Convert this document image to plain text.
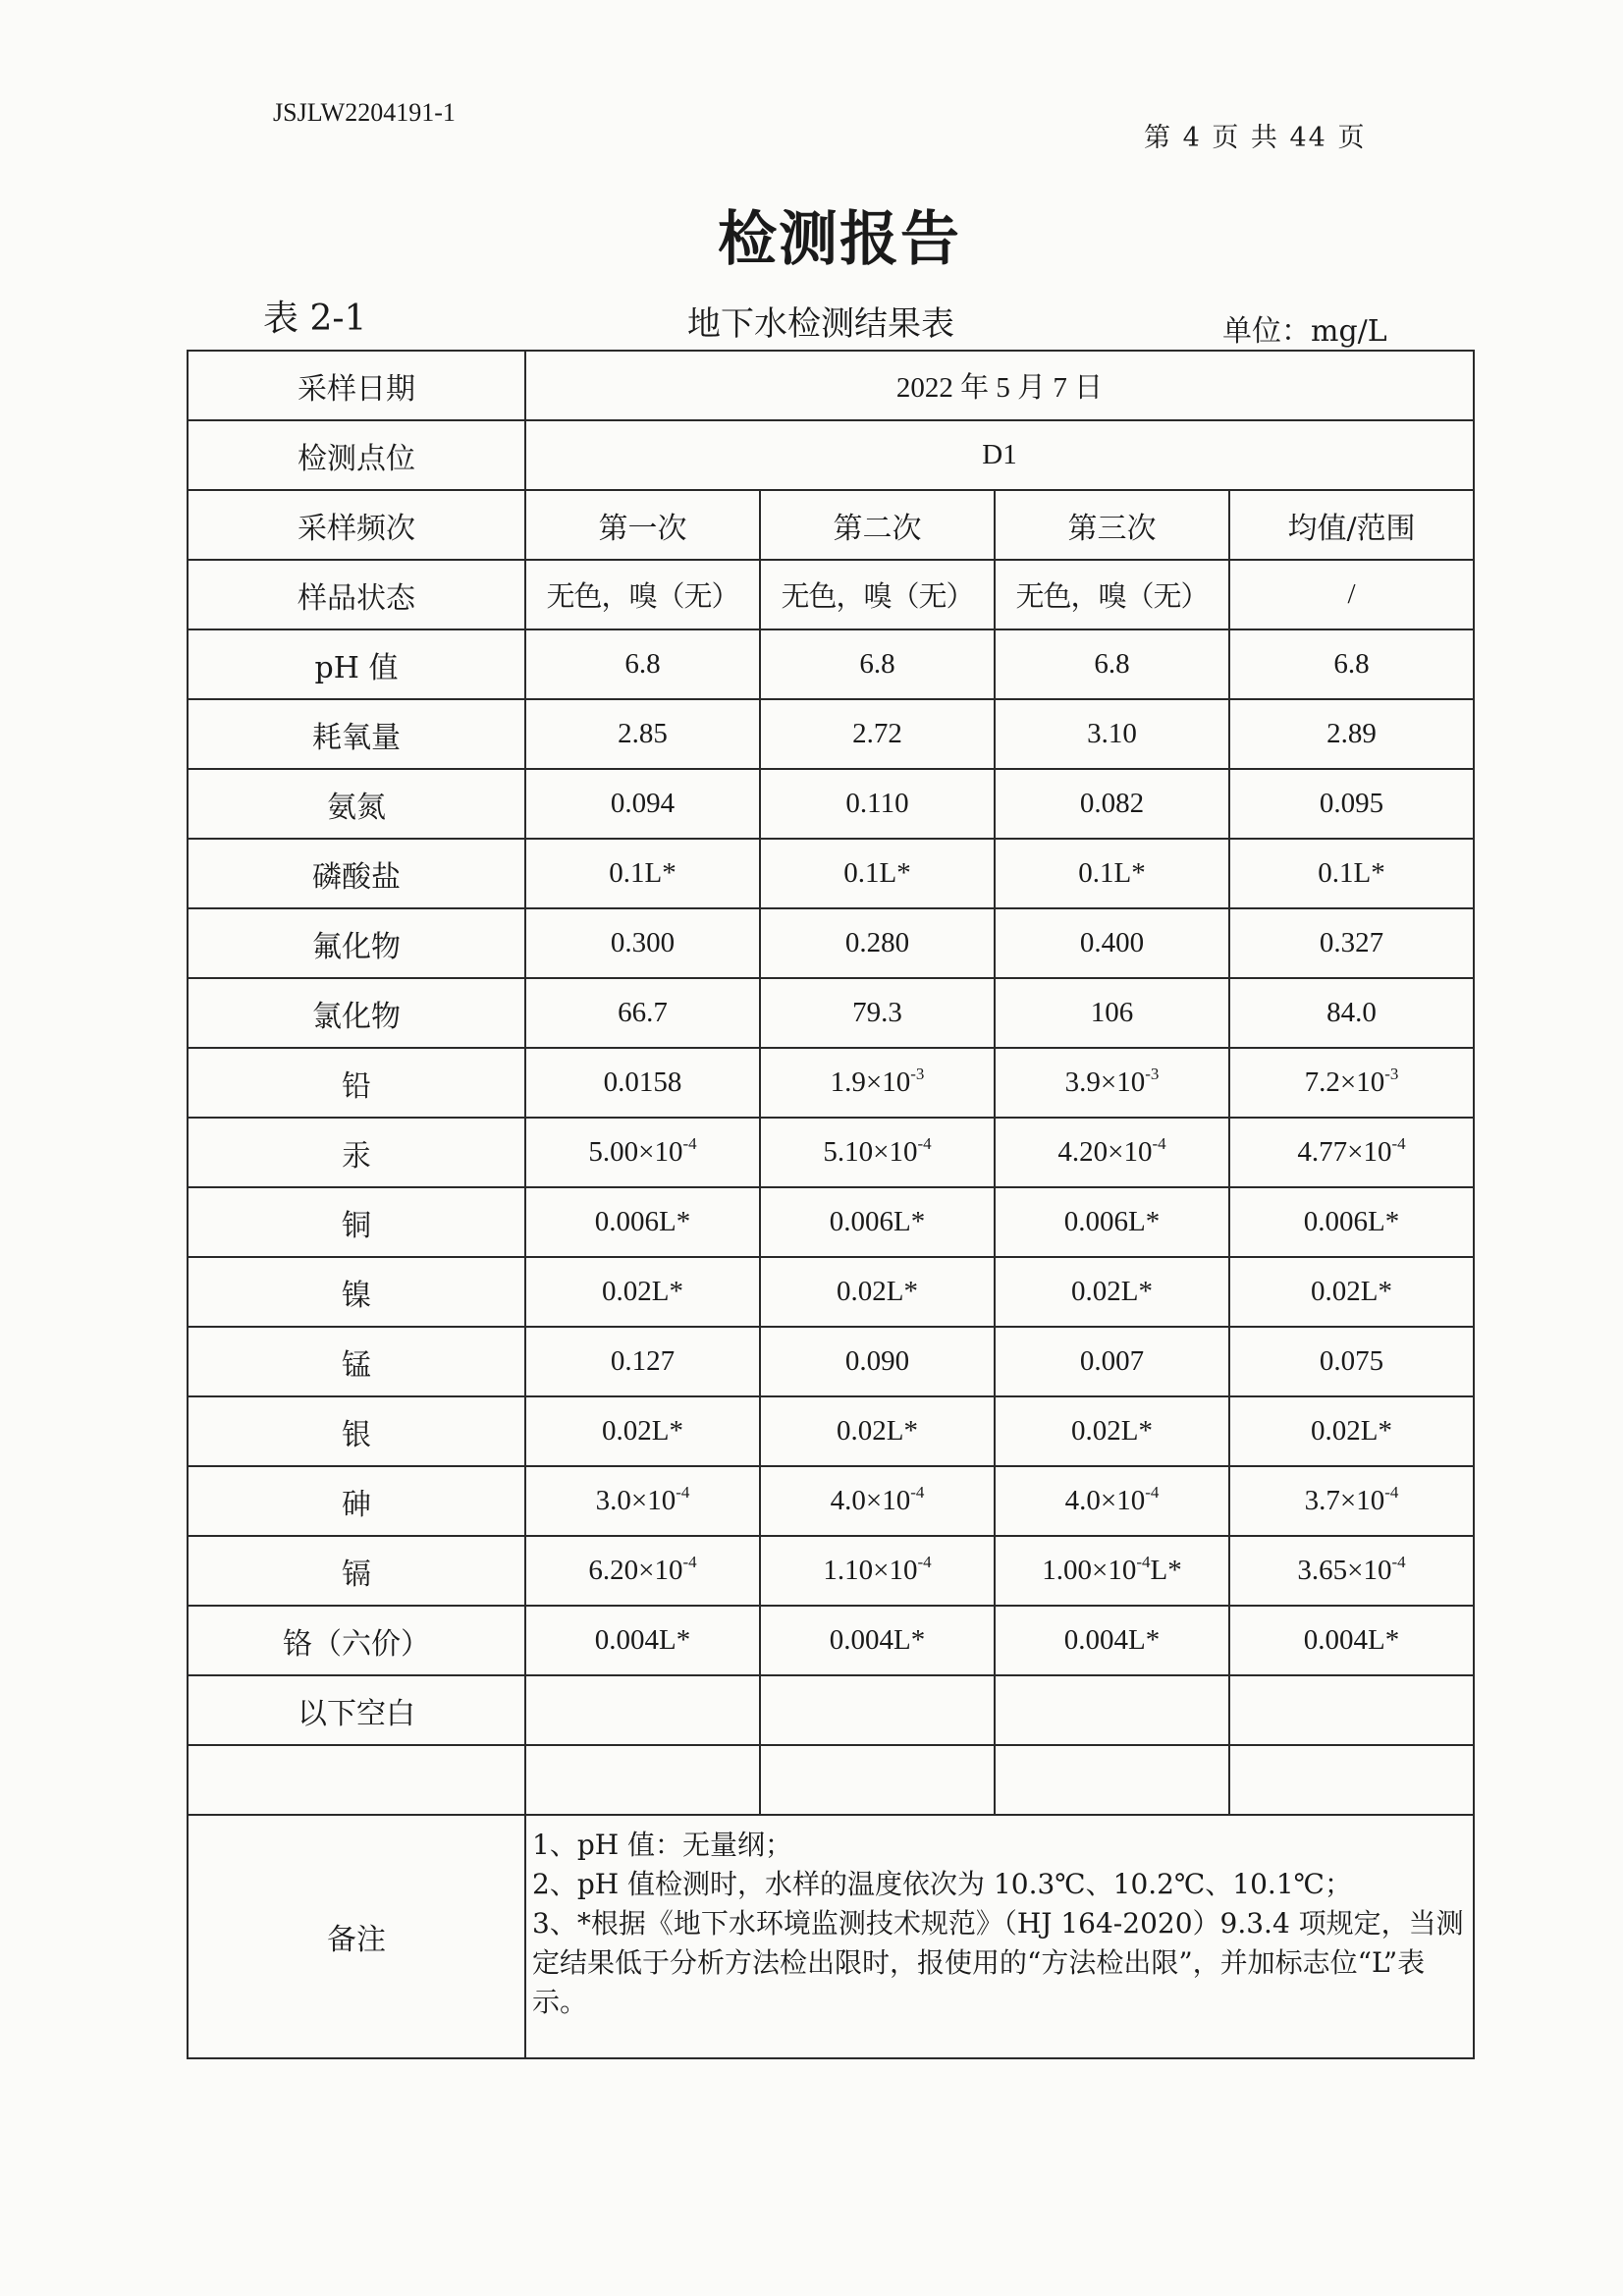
JSJLW2204191-1
第 4 页 共 44 页
检测报告
表 2-1	地下水检测结果表	单位：mg/L
采样日期	2022 年 5 月 7 日			
检测点位	D1			
采样频次	第一次	第二次	第三次	均值/范围
样品状态	无色，嗅（无）	无色，嗅（无）	无色，嗅（无）	/
pH 值	6.8	6.8	6.8	6.8
耗氧量	2.85	2.72	3.10	2.89
氨氮	0.094	0.110	0.082	0.095
磷酸盐	0.1L*	0.1L*	0.1L*	0.1L*
氟化物	0.300	0.280	0.400	0.327
氯化物	66.7	79.3	106	84.0
铅	0.0158	$1.9\times 10^{-3}$	$3.9\times 10^{-3}$	$7.2\times 10^{-3}$
汞	$5.00\times 10^{-4}$	$5.10\times 10^{-4}$	$4.20\times 10^{-4}$	$4.77\times 10^{-4}$
铜	0.006L*	0.006L*	0.006L*	0.006L*
镍	0.02L*	0.02L*	0.02L*	0.02L*
锰	0.127	0.090	0.007	0.075
银	0.02L*	0.02L*	0.02L*	0.02L*
砷	$3.0\times 10^{-4}$	$4.0\times 10^{-4}$	$4.0\times 10^{-4}$	$3.7\times 10^{-4}$
镉	$6.20\times 10^{-4}$	$1.10\times 10^{-4}$	$1.00\times 10^{-4}L*$	$3.65\times 10^{-4}$
铬（六价）	0.004L*	0.004L*	0.004L*	0.004L*
以下空白				

备注	1、pH 值：无量纲；
2、pH 值检测时，水样的温度依次为 10.3℃、10.2℃、10.1℃；
3、*根据《地下水环境监测技术规范》（HJ 164-2020）9.3.4 项规定，当测定结果低于分析方法检出限时，报使用的“方法检出限”，并加标志位“L”表示。			
